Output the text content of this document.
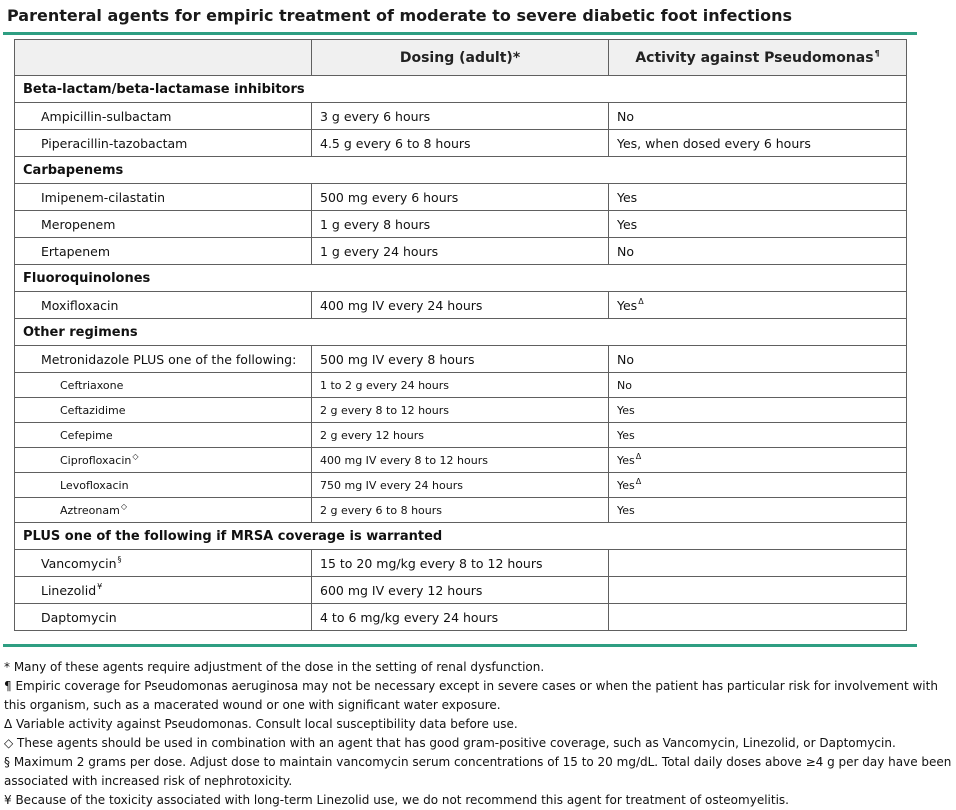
Parenteral agents for empiric treatment of moderate to severe diabetic foot infections
	Dosing (adult)*	Activity against Pseudomonas¶
Beta-lactam/beta-lactamase inhibitors		
Ampicillin-sulbactam	3 g every 6 hours	No
Piperacillin-tazobactam	4.5 g every 6 to 8 hours	Yes, when dosed every 6 hours
Carbapenems		
Imipenem-cilastatin	500 mg every 6 hours	Yes
Meropenem	1 g every 8 hours	Yes
Ertapenem	1 g every 24 hours	No
Fluoroquinolones		
Moxifloxacin	400 mg IV every 24 hours	Yes$^\Delta$
Other regimens		
Metronidazole PLUS one of the following:	500 mg IV every 8 hours	No
Ceftriaxone	1 to 2 g every 24 hours	No
Ceftazidime	2 g every 8 to 12 hours	Yes
Cefepime	2 g every 12 hours	Yes
Ciprofloxacin◇	400 mg IV every 8 to 12 hours	Yes$^\Delta$
Levofloxacin	750 mg IV every 24 hours	Yes$^\Delta$
Aztreonam◇	2 g every 6 to 8 hours	Yes
PLUS one of the following if MRSA coverage is warranted		
Vancomycin§	15 to 20 mg/kg every 8 to 12 hours	
Linezolid¥	600 mg IV every 12 hours	
Daptomycin	4 to 6 mg/kg every 24 hours	

* Many of these agents require adjustment of the dose in the setting of renal dysfunction.

¶ Empiric coverage for Pseudomonas aeruginosa may not be necessary except in severe cases or when the patient has particular risk for involvement with this organism, such as a macerated wound or one with significant water exposure.

Δ Variable activity against Pseudomonas. Consult local susceptibility data before use.

◇ These agents should be used in combination with an agent that has good gram-positive coverage, such as Vancomycin, Linezolid, or Daptomycin.

§ Maximum 2 grams per dose. Adjust dose to maintain vancomycin serum concentrations of 15 to 20 mg/dL. Total daily doses above ≥4 g per day have been associated with increased risk of nephrotoxicity.

¥ Because of the toxicity associated with long-term Linezolid use, we do not recommend this agent for treatment of osteomyelitis.
